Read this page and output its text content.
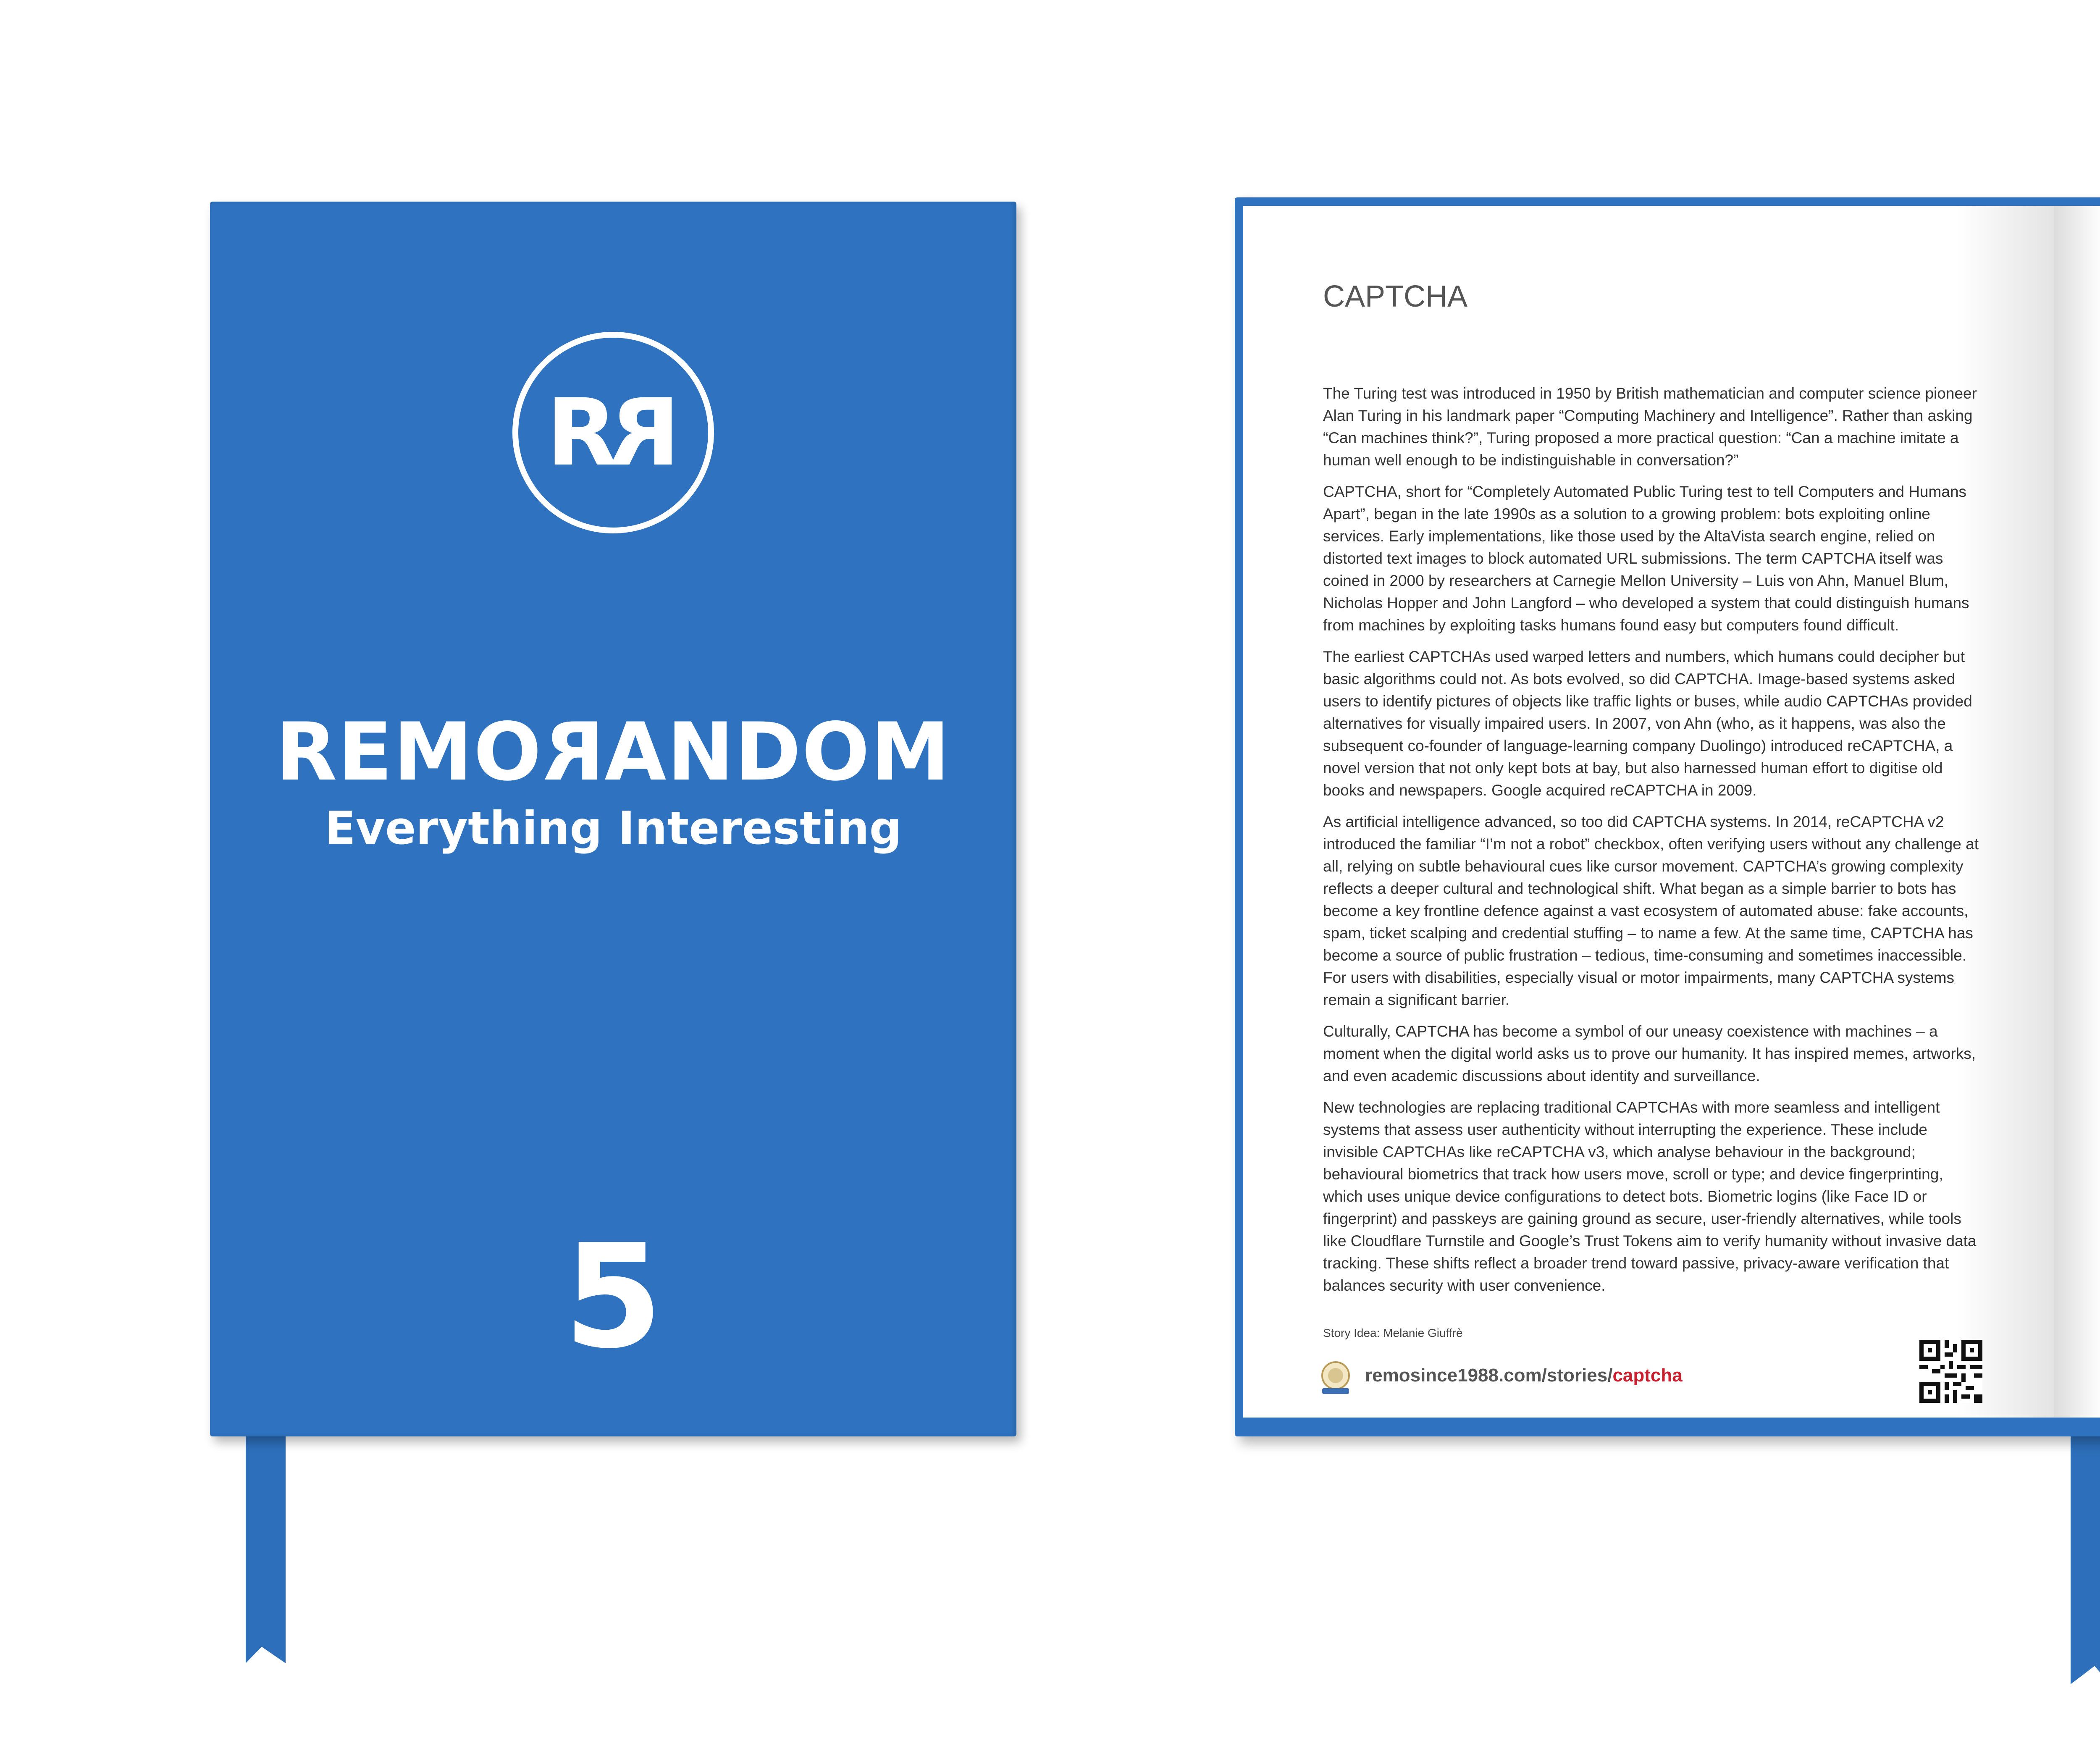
R R
REMORANDOM
Everything Interesting
5
CAPTCHA

The Turing test was introduced in 1950 by British mathematician and computer science pioneer Alan Turing in his landmark paper “Computing Machinery and Intelligence”. Rather than asking “Can machines think?”, Turing proposed a more practical question: “Can a machine imitate a human well enough to be indistinguishable in conversation?”

CAPTCHA, short for “Completely Automated Public Turing test to tell Computers and Humans Apart”, began in the late 1990s as a solution to a growing problem: bots exploiting online services. Early implementations, like those used by the AltaVista search engine, relied on distorted text images to block automated URL submissions. The term CAPTCHA itself was coined in 2000 by researchers at Carnegie Mellon University – Luis von Ahn, Manuel Blum, Nicholas Hopper and John Langford – who developed a system that could distinguish humans from machines by exploiting tasks humans found easy but computers found difficult.

The earliest CAPTCHAs used warped letters and numbers, which humans could decipher but basic algorithms could not. As bots evolved, so did CAPTCHA. Image-based systems asked users to identify pictures of objects like traffic lights or buses, while audio CAPTCHAs provided alternatives for visually impaired users. In 2007, von Ahn (who, as it happens, was also the subsequent co-founder of language-learning company Duolingo) introduced reCAPTCHA, a novel version that not only kept bots at bay, but also harnessed human effort to digitise old books and newspapers. Google acquired reCAPTCHA in 2009.

As artificial intelligence advanced, so too did CAPTCHA systems. In 2014, reCAPTCHA v2 introduced the familiar “I’m not a robot” checkbox, often verifying users without any challenge at all, relying on subtle behavioural cues like cursor movement. CAPTCHA’s growing complexity reflects a deeper cultural and technological shift. What began as a simple barrier to bots has become a key frontline defence against a vast ecosystem of automated abuse: fake accounts, spam, ticket scalping and credential stuffing – to name a few. At the same time, CAPTCHA has become a source of public frustration – tedious, time-consuming and sometimes inaccessible. For users with disabilities, especially visual or motor impairments, many CAPTCHA systems remain a significant barrier.

Culturally, CAPTCHA has become a symbol of our uneasy coexistence with machines – a moment when the digital world asks us to prove our humanity. It has inspired memes, artworks, and even academic discussions about identity and surveillance.

New technologies are replacing traditional CAPTCHAs with more seamless and intelligent systems that assess user authenticity without interrupting the experience. These include invisible CAPTCHAs like reCAPTCHA v3, which analyse behaviour in the background; behavioural biometrics that track how users move, scroll or type; and device fingerprinting, which uses unique device configurations to detect bots. Biometric logins (like Face ID or fingerprint) and passkeys are gaining ground as secure, user-friendly alternatives, while tools like Cloudflare Turnstile and Google’s Trust Tokens aim to verify humanity without invasive data tracking. These shifts reflect a broader trend toward passive, privacy-aware verification that balances security with user convenience.

Story Idea: Melanie Giuffrè
remosince1988.com/stories/captcha
